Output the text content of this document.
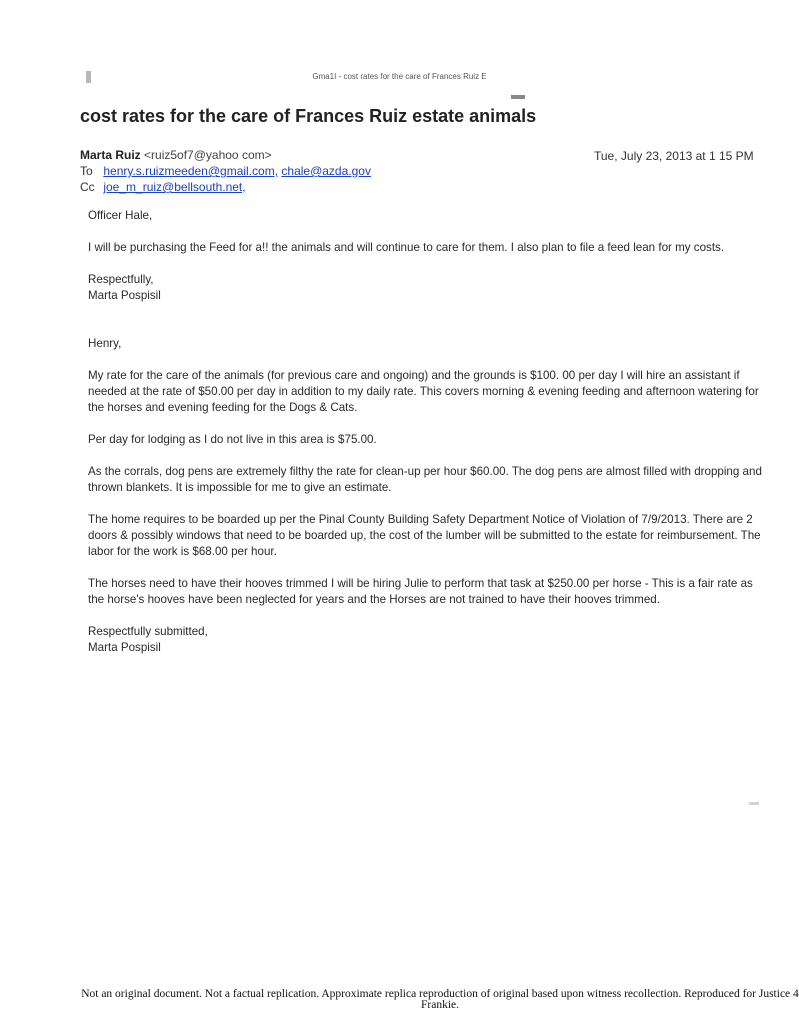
Gma1I - cost rates for the care of Frances Ruiz E
cost rates for the care of Frances Ruiz estate animals
Marta Ruiz <ruiz5of7@yahoo com>
To henry.s.ruizmeeden@gmail.com, chale@azda.gov
Cc joe_m_ruiz@bellsouth.net,
Tue, July 23, 2013 at 1 15 PM

Officer Hale,

I will be purchasing the Feed for a!! the animals and will continue to care for them. I also plan to file a feed lean for my costs.

Respectfully,

Marta Pospisil

Henry,

My rate for the care of the animals (for previous care and ongoing) and the grounds is $100. 00 per day I will hire an assistant if needed at the rate of $50.00 per day in addition to my daily rate. This covers morning & evening feeding and afternoon watering for the horses and evening feeding for the Dogs & Cats.

Per day for lodging as I do not live in this area is $75.00.

As the corrals, dog pens are extremely filthy the rate for clean-up per hour $60.00. The dog pens are almost filled with dropping and thrown blankets. It is impossible for me to give an estimate.

The home requires to be boarded up per the Pinal County Building Safety Department Notice of Violation of 7/9/2013. There are 2 doors & possibly windows that need to be boarded up, the cost of the lumber will be submitted to the estate for reimbursement. The labor for the work is $68.00 per hour.

The horses need to have their hooves trimmed I will be hiring Julie to perform that task at $250.00 per horse - This is a fair rate as the horse's hooves have been neglected for years and the Horses are not trained to have their hooves trimmed.

Respectfully submitted,

Marta Pospisil

Not an original document. Not a factual replication. Approximate replica reproduction of original based upon witness recollection. Reproduced for Justice 4 Frankie.
